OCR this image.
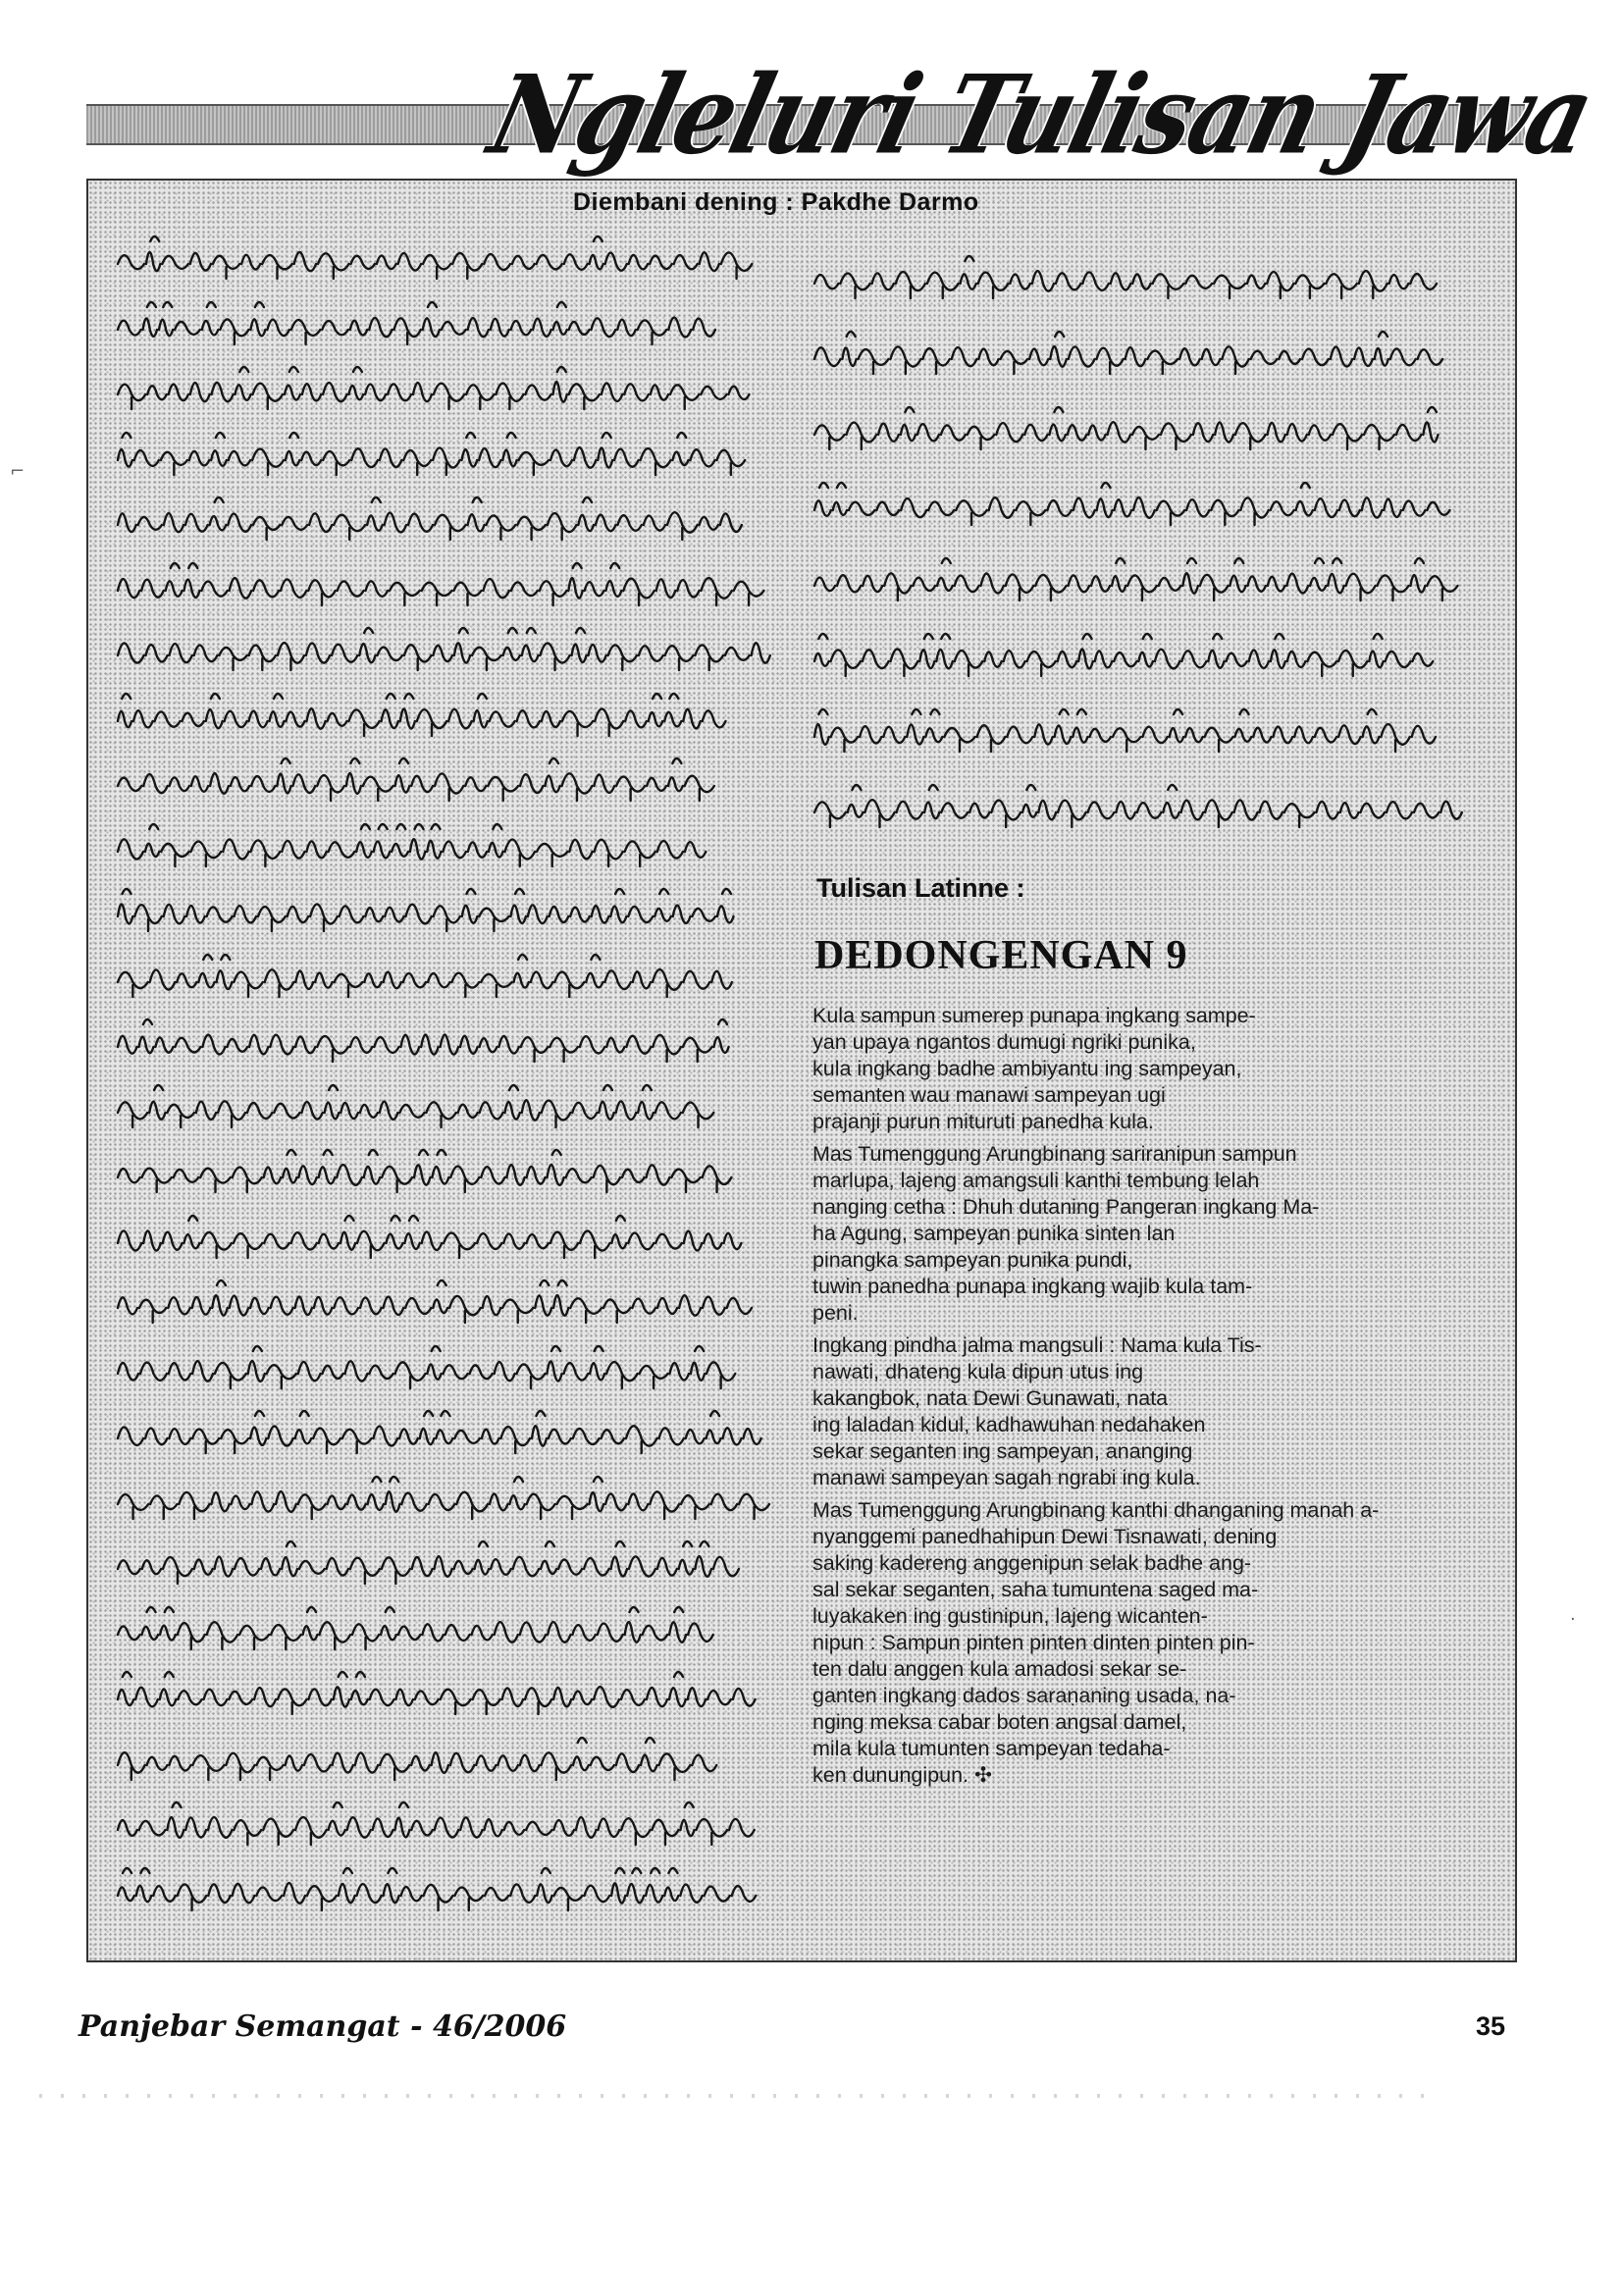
Ngleluri Tulisan Jawa
Diembani dening : Pakdhe Darmo
Tulisan Latinne :
DEDONGENGAN 9

Kula sampun sumerep punapa ingkang sampe-
yan upaya ngantos dumugi ngriki punika,
kula ingkang badhe ambiyantu ing sampeyan,
semanten wau manawi sampeyan ugi
prajanji purun mituruti panedha kula.

Mas Tumenggung Arungbinang sariranipun sampun
marlupa, lajeng amangsuli kanthi tembung lelah
nanging cetha : Dhuh dutaning Pangeran ingkang Ma-
ha Agung, sampeyan punika sinten lan
pinangka sampeyan punika pundi,
tuwin panedha punapa ingkang wajib kula tam-
peni.

Ingkang pindha jalma mangsuli : Nama kula Tis-
nawati, dhateng kula dipun utus ing
kakangbok, nata Dewi Gunawati, nata
ing laladan kidul, kadhawuhan nedahaken
sekar seganten ing sampeyan, ananging
manawi sampeyan sagah ngrabi ing kula.

Mas Tumenggung Arungbinang kanthi dhanganing manah a-
nyanggemi panedhahipun Dewi Tisnawati, dening
saking kadereng anggenipun selak badhe ang-
sal sekar seganten, saha tumuntena saged ma-
luyakaken ing gustinipun, lajeng wicanten-
nipun : Sampun pinten pinten dinten pinten pin-
ten dalu anggen kula amadosi sekar se-
ganten ingkang dados saraṇaning usada, na-
nging meksa cabar boten angsal damel,
mila kula tumunten sampeyan tedaha-
ken dunungipun. ✣

Panjebar Semangat - 46/2006	35
⌐
·
